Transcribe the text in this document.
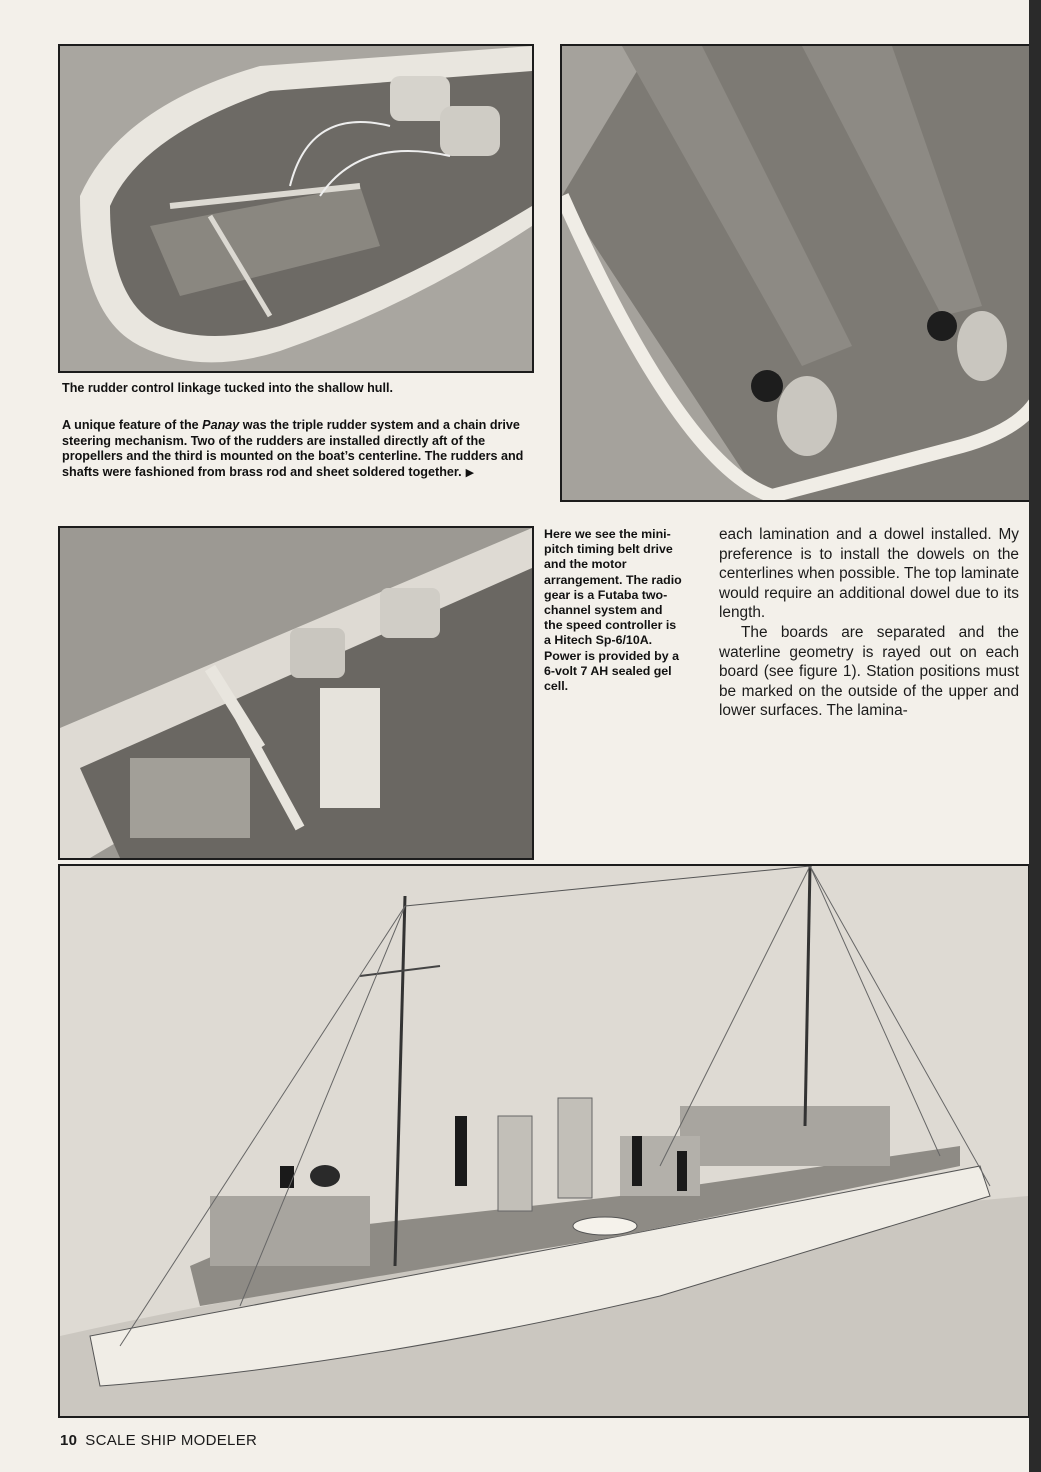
The rudder control linkage tucked into the shallow hull.
A unique feature of the Panay was the triple rudder system and a chain drive steering mechanism. Two of the rudders are installed directly aft of the propellers and the third is mounted on the boat’s centerline. The rudders and shafts were fashioned from brass rod and sheet soldered together. ▶
Here we see the mini-pitch timing belt drive and the motor arrangement. The radio gear is a Futaba two-channel system and the speed controller is a Hitech Sp-6/10A. Power is provided by a 6-volt 7 AH sealed gel cell.

each lamination and a dowel installed. My preference is to install the dowels on the centerlines when possible. The top laminate would require an additional dowel due to its length.

The boards are separated and the waterline geometry is rayed out on each board (see figure 1). Station positions must be marked on the outside of the upper and lower surfaces. The lamina-

10 SCALE SHIP MODELER
